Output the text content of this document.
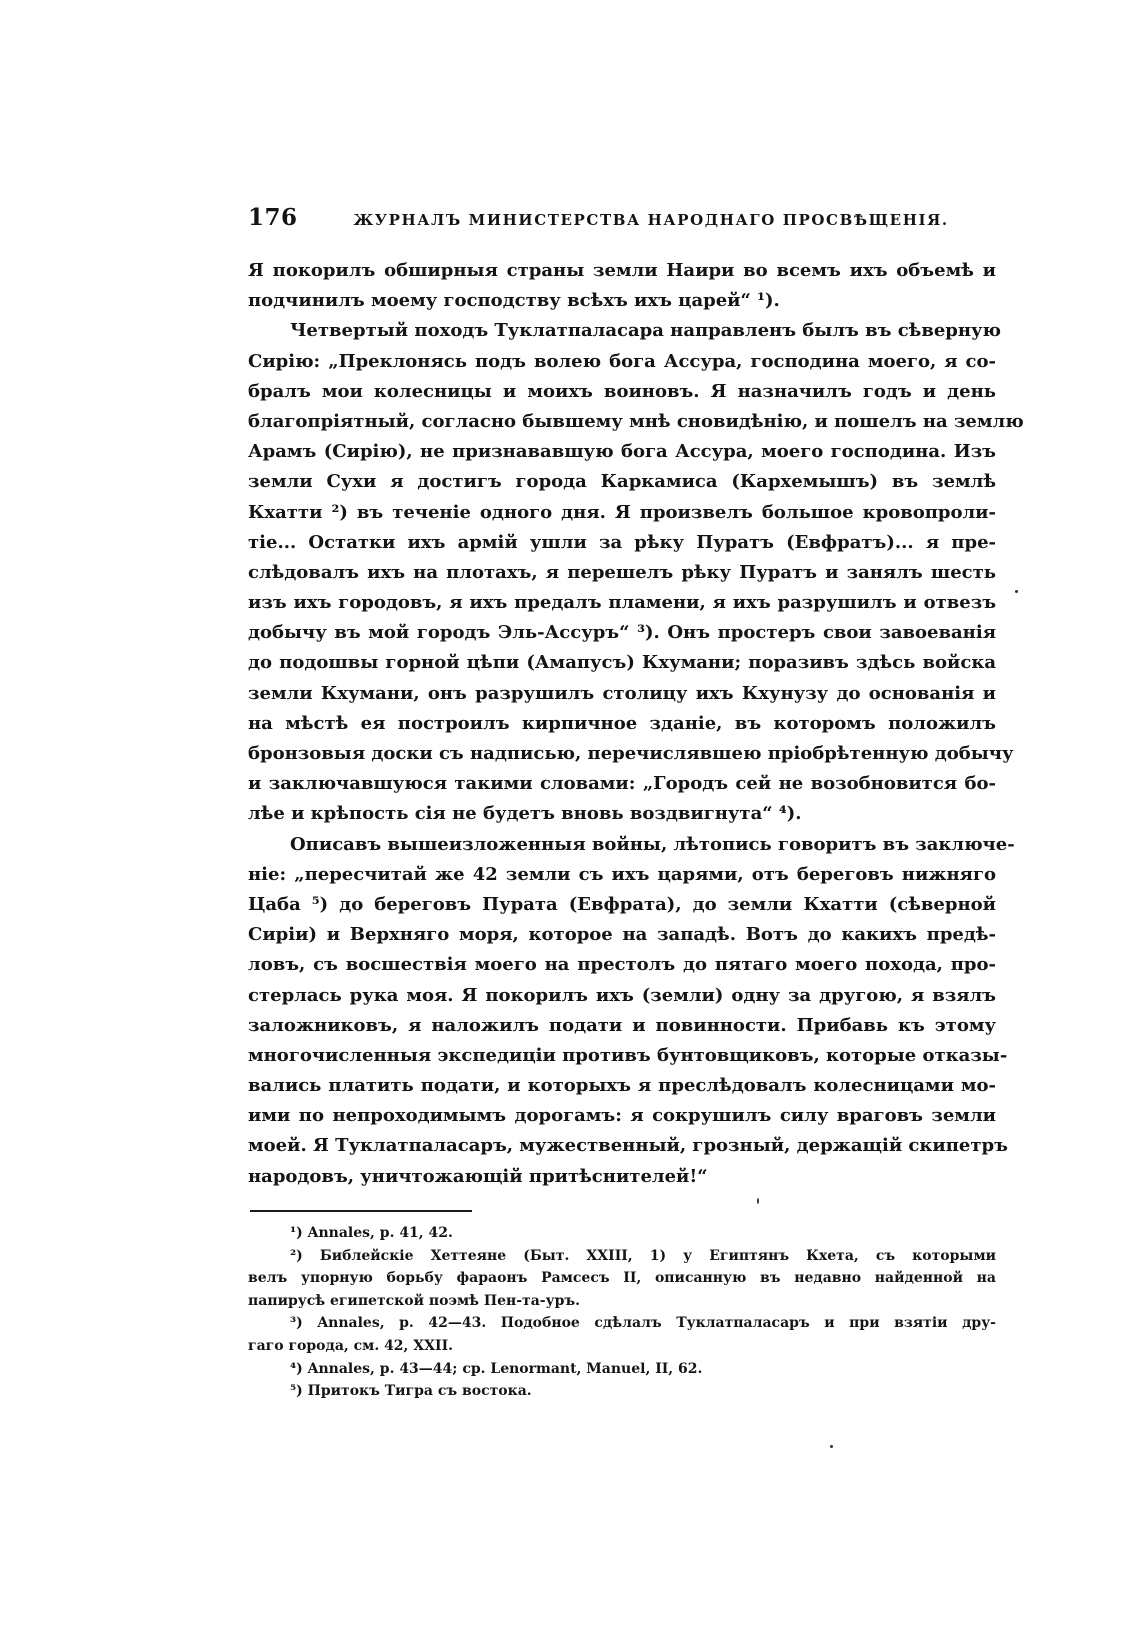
176	ЖУРНАЛЪ МИНИСТЕРСТВА НАРОДНАГО ПРОСВѢЩЕНІЯ.
Я покорилъ обширныя страны земли Наири во всемъ ихъ объемѣ и
подчинилъ моему господству всѣхъ ихъ царей“ ¹).
Четвертый походъ Туклатпаласара направленъ былъ въ сѣверную
Сирію: „Преклонясь подъ волею бога Ассура, господина моего, я со-
бралъ мои колесницы и моихъ воиновъ. Я назначилъ годъ и день
благопріятный, согласно бывшему мнѣ сновидѣнію, и пошелъ на землю
Арамъ (Сирію), не признававшую бога Ассура, моего господина. Изъ
земли Сухи я достигъ города Каркамиса (Кархемышъ) въ землѣ
Кхатти ²) въ теченіе одного дня. Я произвелъ большое кровопроли-
тіе... Остатки ихъ армій ушли за рѣку Пуратъ (Евфратъ)... я пре-
слѣдовалъ ихъ на плотахъ, я перешелъ рѣку Пуратъ и занялъ шесть
изъ ихъ городовъ, я ихъ предалъ пламени, я ихъ разрушилъ и отвезъ
добычу въ мой городъ Эль-Ассуръ“ ³). Онъ простеръ свои завоеванія
до подошвы горной цѣпи (Амапусъ) Кхумани; поразивъ здѣсь войска
земли Кхумани, онъ разрушилъ столицу ихъ Кхунузу до основанія и
на мѣстѣ ея построилъ кирпичное зданіе, въ которомъ положилъ
бронзовыя доски съ надписью, перечислявшею пріобрѣтенную добычу
и заключавшуюся такими словами: „Городъ сей не возобновится бо-
лѣе и крѣпость сія не будетъ вновь воздвигнута“ ⁴).
Описавъ вышеизложенныя войны, лѣтопись говоритъ въ заключе-
ніе: „пересчитай же 42 земли съ ихъ царями, отъ береговъ нижняго
Цаба ⁵) до береговъ Пурата (Евфрата), до земли Кхатти (сѣверной
Сиріи) и Верхняго моря, которое на западѣ. Вотъ до какихъ предѣ-
ловъ, съ восшествія моего на престолъ до пятаго моего похода, про-
стерлась рука моя. Я покорилъ ихъ (земли) одну за другою, я взялъ
заложниковъ, я наложилъ подати и повинности. Прибавь къ этому
многочисленныя экспедиціи противъ бунтовщиковъ, которые отказы-
вались платить подати, и которыхъ я преслѣдовалъ колесницами мо-
ими по непроходимымъ дорогамъ: я сокрушилъ силу враговъ земли
моей. Я Туклатпаласаръ, мужественный, грозный, держащій скипетръ
народовъ, уничтожающій притѣснителей!“
¹) Annales, p. 41, 42.
²) Библейскіе Хеттеяне (Быт. XXIII, 1) у Египтянъ Кхета, съ которыми
велъ упорную борьбу фараонъ Рамсесъ II, описанную въ недавно найденной на
папирусѣ египетской поэмѣ Пен-та-уръ.
³) Annales, p. 42—43. Подобное сдѣлалъ Туклатпаласаръ и при взятіи дру-
гаго города, см. 42, XXII.
⁴) Annales, p. 43—44; cp. Lenormant, Manuel, II, 62.
⁵) Притокъ Тигра съ востока.
